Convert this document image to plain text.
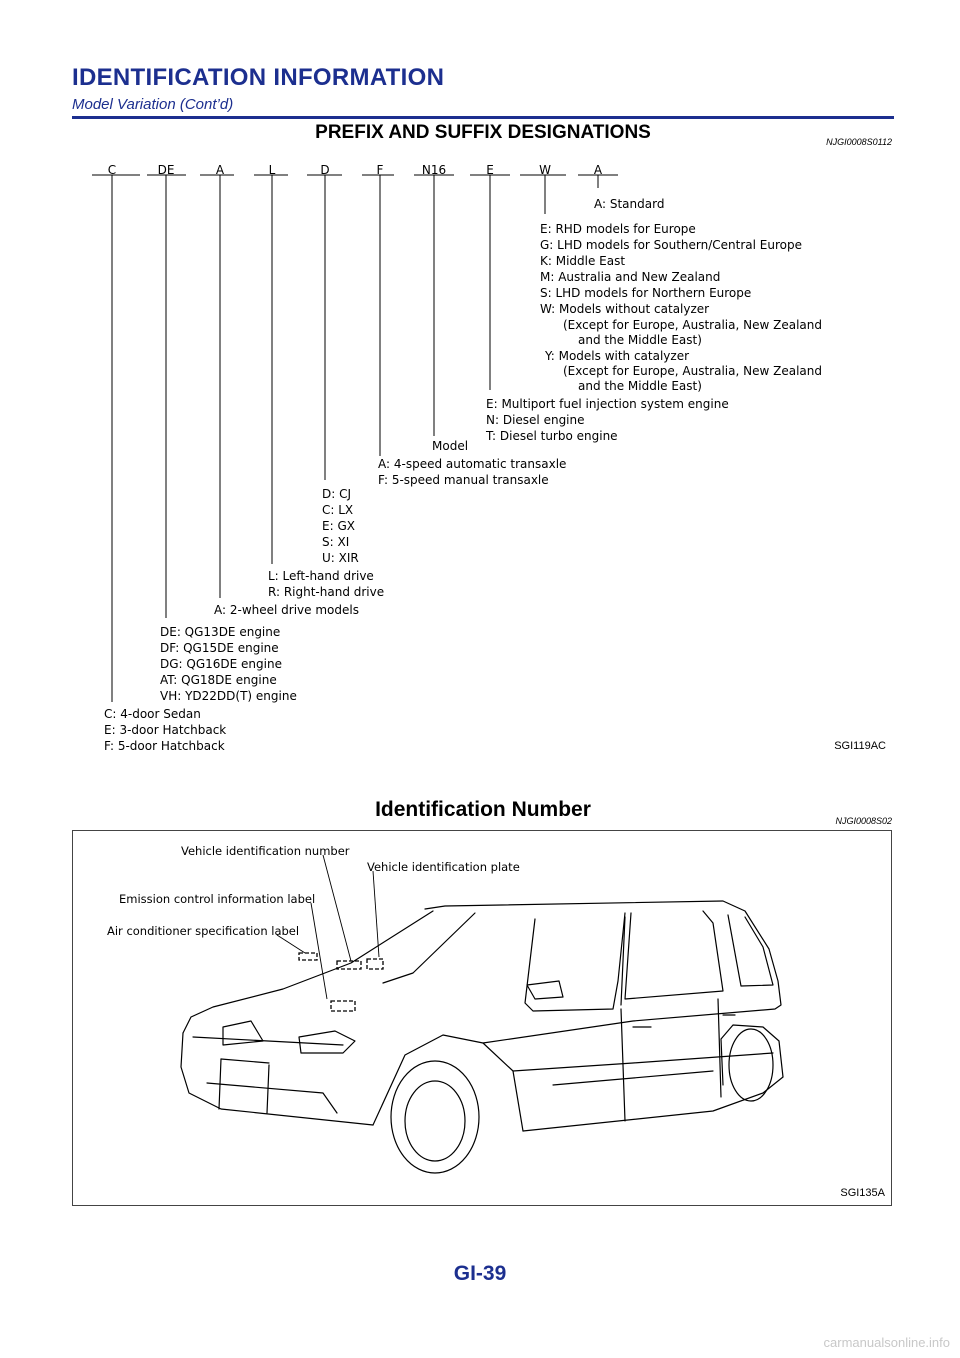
IDENTIFICATION INFORMATION
Model Variation (Cont’d)
PREFIX AND SUFFIX DESIGNATIONS	NJGI0008S0112
C	DE	A	L	D	F	N16	E	W	A
A: Standard
E: RHD models for Europe
G: LHD models for Southern/Central Europe
K: Middle East
M: Australia and New Zealand
S: LHD models for Northern Europe
W: Models without catalyzer
(Except for Europe, Australia, New Zealand
and the Middle East)
Y: Models with catalyzer
(Except for Europe, Australia, New Zealand
and the Middle East)
E: Multiport fuel injection system engine
N: Diesel engine
T: Diesel turbo engine
Model
A: 4-speed automatic transaxle
F: 5-speed manual transaxle
D: CJ
C: LX
E: GX
S: XI
U: XIR
L: Left-hand drive
R: Right-hand drive
A: 2-wheel drive models
DE: QG13DE engine
DF: QG15DE engine
DG: QG16DE engine
AT: QG18DE engine
VH: YD22DD(T) engine
C: 4-door Sedan
E: 3-door Hatchback
F: 5-door Hatchback	SGI119AC
Identification Number	NJGI0008S02
Vehicle identification number
Vehicle identification plate
Emission control information label
Air conditioner specification label
SGI135A
GI-39
carmanualsonline.info
